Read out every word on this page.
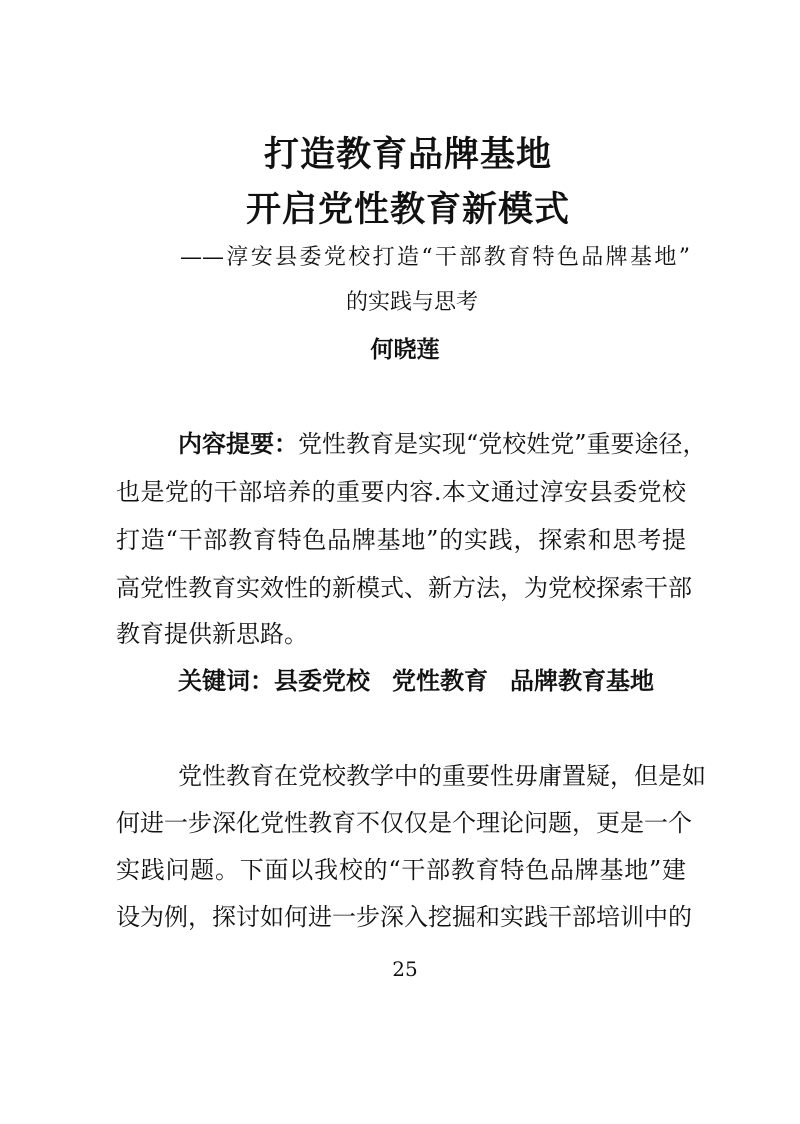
打造教育品牌基地
开启党性教育新模式
——淳安县委党校打造“干部教育特色品牌基地”
的实践与思考
何晓莲
内容提要：党性教育是实现“党校姓党”重要途径，
也是党的干部培养的重要内容.本文通过淳安县委党校
打造“干部教育特色品牌基地”的实践，探索和思考提
高党性教育实效性的新模式、新方法，为党校探索干部
教育提供新思路。
关键词：县委党校 党性教育 品牌教育基地
党性教育在党校教学中的重要性毋庸置疑，但是如
何进一步深化党性教育不仅仅是个理论问题，更是一个
实践问题。下面以我校的“干部教育特色品牌基地”建
设为例，探讨如何进一步深入挖掘和实践干部培训中的
25
